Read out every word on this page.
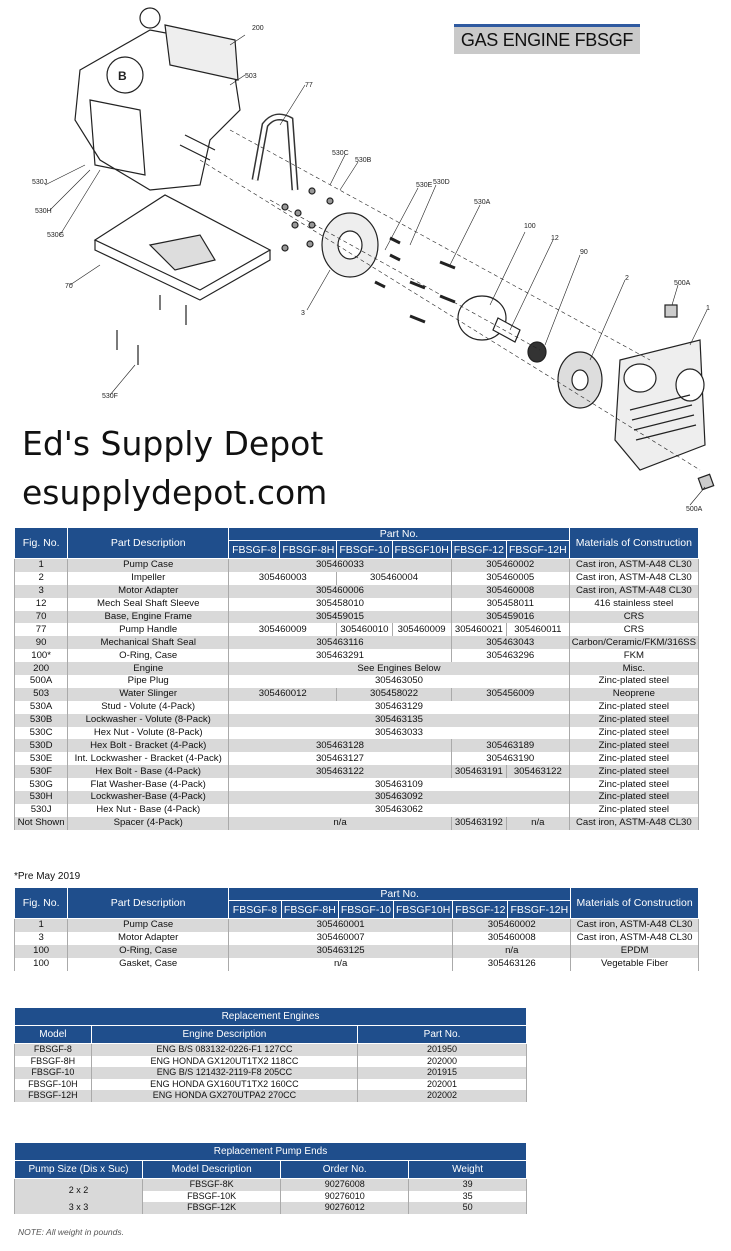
B
200
503
77
530C
530B
530J
530H
530G
70
530F
530E 530D
530A
100
12
90
2
1
500A
500A
3
GAS ENGINE FBSGF
Ed's Supply Depot
esupplydepot.com
Fig. No.	Part Description	Part No.						Materials of Construction
		FBSGF-8	FBSGF-8H	FBSGF-10	FBSGF10H	FBSGF-12	FBSGF-12H	
1	Pump Case	305460033				305460002		Cast iron, ASTM-A48 CL30
2	Impeller	305460003		305460004		305460005		Cast iron, ASTM-A48 CL30
3	Motor Adapter	305460006				305460008		Cast iron, ASTM-A48 CL30
12	Mech Seal Shaft Sleeve	305458010				305458011		416 stainless steel
70	Base, Engine Frame	305459015				305459016		CRS
77	Pump Handle	305460009		305460010	305460009	305460021	305460011	CRS
90	Mechanical Shaft Seal	305463116				305463043		Carbon/Ceramic/FKM/316SS
100*	O-Ring, Case	305463291				305463296		FKM
200	Engine	See Engines Below						Misc.
500A	Pipe Plug	305463050						Zinc-plated steel
503	Water Slinger	305460012		305458022		305456009		Neoprene
530A	Stud - Volute (4-Pack)	305463129						Zinc-plated steel
530B	Lockwasher - Volute (8-Pack)	305463135						Zinc-plated steel
530C	Hex Nut - Volute (8-Pack)	305463033						Zinc-plated steel
530D	Hex Bolt - Bracket (4-Pack)	305463128				305463189		Zinc-plated steel
530E	Int. Lockwasher - Bracket (4-Pack)	305463127				305463190		Zinc-plated steel
530F	Hex Bolt - Base (4-Pack)	305463122				305463191	305463122	Zinc-plated steel
530G	Flat Washer-Base (4-Pack)	305463109						Zinc-plated steel
530H	Lockwasher-Base (4-Pack)	305463092						Zinc-plated steel
530J	Hex Nut - Base (4-Pack)	305463062						Zinc-plated steel
Not Shown	Spacer (4-Pack)	n/a				305463192	n/a	Cast iron, ASTM-A48 CL30
*Pre May 2019
Fig. No.	Part Description	Part No.						Materials of Construction
		FBSGF-8	FBSGF-8H	FBSGF-10	FBSGF10H	FBSGF-12	FBSGF-12H	
1	Pump Case	305460001				305460002		Cast iron, ASTM-A48 CL30
3	Motor Adapter	305460007				305460008		Cast iron, ASTM-A48 CL30
100	O-Ring, Case	305463125				n/a		EPDM
100	Gasket, Case	n/a				305463126		Vegetable Fiber
Replacement Engines		
Model	Engine Description	Part No.
FBSGF-8	ENG B/S 083132-0226-F1 127CC	201950
FBSGF-8H	ENG HONDA GX120UT1TX2 118CC	202000
FBSGF-10	ENG B/S 121432-2119-F8 205CC	201915
FBSGF-10H	ENG HONDA GX160UT1TX2 160CC	202001
FBSGF-12H	ENG HONDA GX270UTPA2 270CC	202002
Replacement Pump Ends			
Pump Size (Dis x Suc)	Model Description	Order No.	Weight
2 x 2	FBSGF-8K	90276008	39
	FBSGF-10K	90276010	35
3 x 3	FBSGF-12K	90276012	50
NOTE: All weight in pounds.
